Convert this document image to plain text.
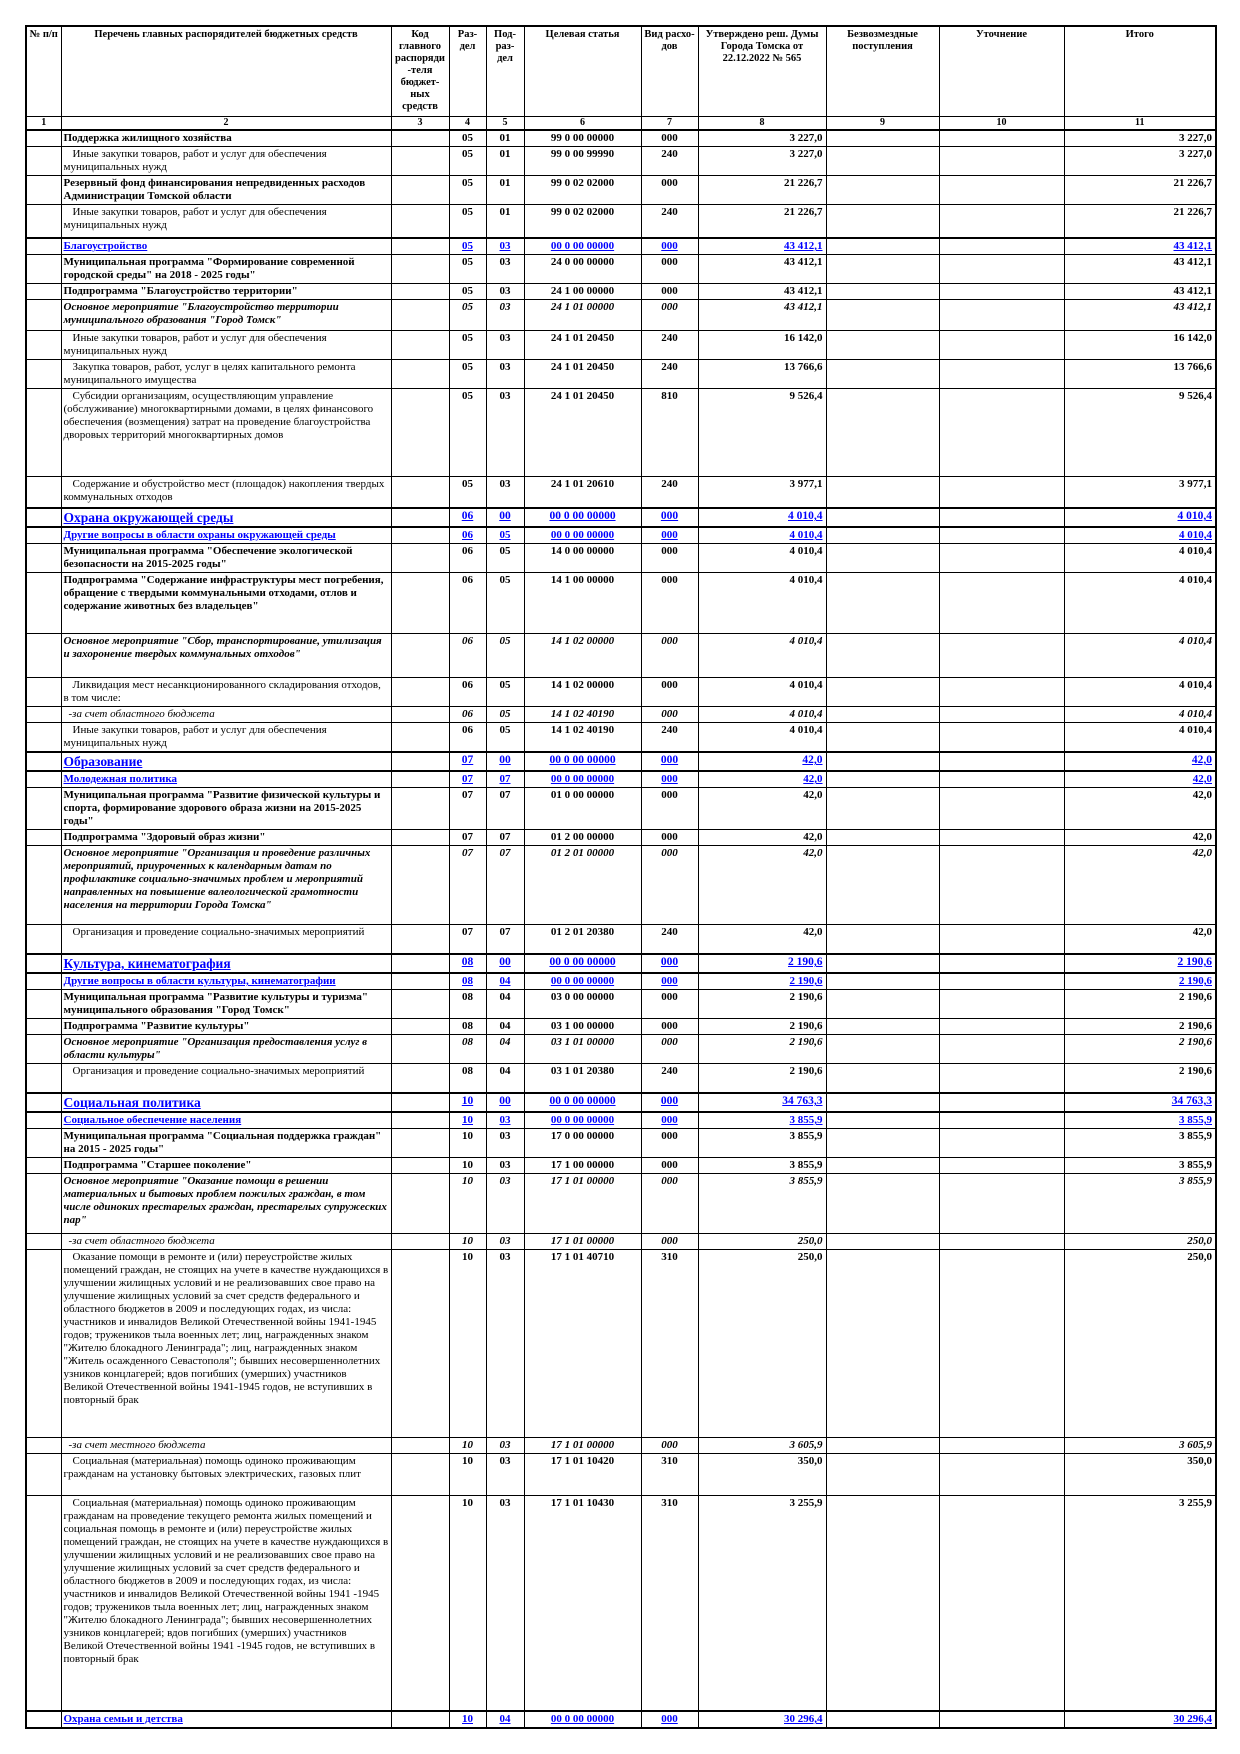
№ п/п	Перечень главных распорядителей бюджетных средств	Код главного распоряди-теля бюджет-ных средств	Раз-дел	Под-раз-дел	Целевая статья	Вид расхо-дов	Утверждено реш. Думы Города Томска от 22.12.2022 № 565	Безвозмездные поступления	Уточнение	Итого
1	2	3	4	5	6	7	8	9	10	11
	Поддержка жилищного хозяйства		05	01	99 0 00 00000	000	3 227,0			3 227,0
	Иные закупки товаров, работ и услуг для обеспечения муниципальных нужд		05	01	99 0 00 99990	240	3 227,0			3 227,0
	Резервный фонд финансирования непредвиденных расходов Администрации Томской области		05	01	99 0 02 02000	000	21 226,7			21 226,7
	Иные закупки товаров, работ и услуг для обеспечения муниципальных нужд		05	01	99 0 02 02000	240	21 226,7			21 226,7
	Благоустройство		05	03	00 0 00 00000	000	43 412,1			43 412,1
	Муниципальная программа "Формирование современной городской среды" на 2018 - 2025 годы"		05	03	24 0 00 00000	000	43 412,1			43 412,1
	Подпрограмма "Благоустройство территории"		05	03	24 1 00 00000	000	43 412,1			43 412,1
	Основное мероприятие "Благоустройство территории муниципального образования "Город Томск"		05	03	24 1 01 00000	000	43 412,1			43 412,1
	Иные закупки товаров, работ и услуг для обеспечения муниципальных нужд		05	03	24 1 01 20450	240	16 142,0			16 142,0
	Закупка товаров, работ, услуг в целях капитального ремонта муниципального имущества		05	03	24 1 01 20450	240	13 766,6			13 766,6
	Субсидии организациям, осуществляющим управление (обслуживание) многоквартирными домами, в целях финансового обеспечения (возмещения) затрат на проведение благоустройства дворовых территорий многоквартирных домов		05	03	24 1 01 20450	810	9 526,4			9 526,4
	Содержание и обустройство мест (площадок) накопления твердых коммунальных отходов		05	03	24 1 01 20610	240	3 977,1			3 977,1
	Охрана окружающей среды		06	00	00 0 00 00000	000	4 010,4			4 010,4
	Другие вопросы в области охраны окружающей среды		06	05	00 0 00 00000	000	4 010,4			4 010,4
	Муниципальная программа "Обеспечение экологической безопасности на 2015-2025 годы"		06	05	14 0 00 00000	000	4 010,4			4 010,4
	Подпрограмма "Содержание инфраструктуры мест погребения, обращение с твердыми коммунальными отходами, отлов и содержание животных без владельцев"		06	05	14 1 00 00000	000	4 010,4			4 010,4
	Основное мероприятие "Сбор, транспортирование, утилизация и захоронение твердых коммунальных отходов"		06	05	14 1 02 00000	000	4 010,4			4 010,4
	Ликвидация мест несанкционированного складирования отходов, в том числе:		06	05	14 1 02 00000	000	4 010,4			4 010,4
	-за счет областного бюджета		06	05	14 1 02 40190	000	4 010,4			4 010,4
	Иные закупки товаров, работ и услуг для обеспечения муниципальных нужд		06	05	14 1 02 40190	240	4 010,4			4 010,4
	Образование		07	00	00 0 00 00000	000	42,0			42,0
	Молодежная политика		07	07	00 0 00 00000	000	42,0			42,0
	Муниципальная программа "Развитие физической культуры и спорта, формирование здорового образа жизни на 2015-2025 годы"		07	07	01 0 00 00000	000	42,0			42,0
	Подпрограмма "Здоровый образ жизни"		07	07	01 2 00 00000	000	42,0			42,0
	Основное мероприятие "Организация и проведение различных мероприятий, приуроченных к календарным датам по профилактике социально-значимых проблем и мероприятий направленных на повышение валеологической грамотности населения на территории Города Томска"		07	07	01 2 01 00000	000	42,0			42,0
	Организация и проведение социально-значимых мероприятий		07	07	01 2 01 20380	240	42,0			42,0
	Культура, кинематография		08	00	00 0 00 00000	000	2 190,6			2 190,6
	Другие вопросы в области культуры, кинематографии		08	04	00 0 00 00000	000	2 190,6			2 190,6
	Муниципальная программа "Развитие культуры и туризма" муниципального образования "Город Томск"		08	04	03 0 00 00000	000	2 190,6			2 190,6
	Подпрограмма "Развитие культуры"		08	04	03 1 00 00000	000	2 190,6			2 190,6
	Основное мероприятие "Организация предоставления услуг в области культуры"		08	04	03 1 01 00000	000	2 190,6			2 190,6
	Организация и проведение социально-значимых мероприятий		08	04	03 1 01 20380	240	2 190,6			2 190,6
	Социальная политика		10	00	00 0 00 00000	000	34 763,3			34 763,3
	Социальное обеспечение населения		10	03	00 0 00 00000	000	3 855,9			3 855,9
	Муниципальная программа "Социальная поддержка граждан" на 2015 - 2025 годы"		10	03	17 0 00 00000	000	3 855,9			3 855,9
	Подпрограмма "Старшее поколение"		10	03	17 1 00 00000	000	3 855,9			3 855,9
	Основное мероприятие "Оказание помощи в решении материальных и бытовых проблем пожилых граждан, в том числе одиноких престарелых граждан, престарелых супружеских пар"		10	03	17 1 01 00000	000	3 855,9			3 855,9
	-за счет областного бюджета		10	03	17 1 01 00000	000	250,0			250,0
	Оказание помощи в ремонте и (или) переустройстве жилых помещений граждан, не стоящих на учете в качестве нуждающихся в улучшении жилищных условий и не реализовавших свое право на улучшение жилищных условий за счет средств федерального и областного бюджетов в 2009 и последующих годах, из числа: участников и инвалидов Великой Отечественной войны 1941-1945 годов; тружеников тыла военных лет; лиц, награжденных знаком "Жителю блокадного Ленинграда"; лиц, награжденных знаком "Житель осажденного Севастополя"; бывших несовершеннолетних узников концлагерей; вдов погибших (умерших) участников Великой Отечественной войны 1941-1945 годов, не вступивших в повторный брак		10	03	17 1 01 40710	310	250,0			250,0
	-за счет местного бюджета		10	03	17 1 01 00000	000	3 605,9			3 605,9
	Социальная (материальная) помощь одиноко проживающим гражданам на установку бытовых электрических, газовых плит		10	03	17 1 01 10420	310	350,0			350,0
	Социальная (материальная) помощь одиноко проживающим гражданам на проведение текущего ремонта жилых помещений и социальная помощь в ремонте и (или) переустройстве жилых помещений граждан, не стоящих на учете в качестве нуждающихся в улучшении жилищных условий и не реализовавших свое право на улучшение жилищных условий за счет средств федерального и областного бюджетов в 2009 и последующих годах, из числа: участников и инвалидов Великой Отечественной войны 1941 -1945 годов; тружеников тыла военных лет; лиц, награжденных знаком "Жителю блокадного Ленинграда"; бывших несовершеннолетних узников концлагерей; вдов погибших (умерших) участников Великой Отечественной войны 1941 -1945 годов, не вступивших в повторный брак		10	03	17 1 01 10430	310	3 255,9			3 255,9
	Охрана семьи и детства		10	04	00 0 00 00000	000	30 296,4			30 296,4
